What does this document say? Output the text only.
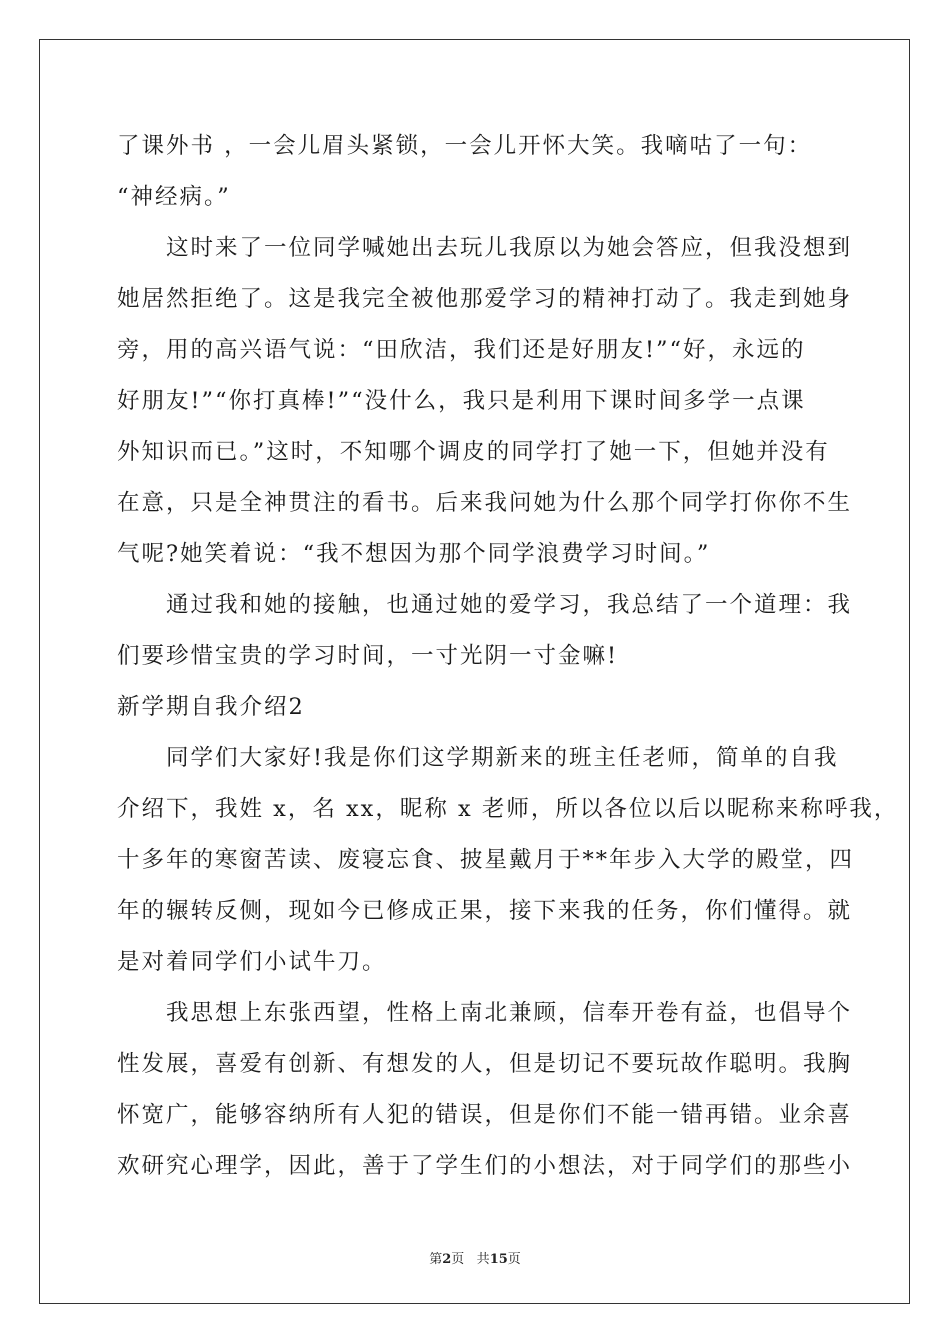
了课外书 ，一会儿眉头紧锁，一会儿开怀大笑。我嘀咕了一句：
“神经病。”
　　这时来了一位同学喊她出去玩儿我原以为她会答应，但我没想到
她居然拒绝了。这是我完全被他那爱学习的精神打动了。我走到她身
旁，用的高兴语气说：“田欣洁，我们还是好朋友!”“好，永远的
好朋友!”“你打真棒!”“没什么，我只是利用下课时间多学一点课
外知识而已。”这时，不知哪个调皮的同学打了她一下，但她并没有
在意，只是全神贯注的看书。后来我问她为什么那个同学打你你不生
气呢?她笑着说：“我不想因为那个同学浪费学习时间。”
　　通过我和她的接触，也通过她的爱学习，我总结了一个道理：我
们要珍惜宝贵的学习时间，一寸光阴一寸金嘛!
新学期自我介绍2
　　同学们大家好!我是你们这学期新来的班主任老师，简单的自我
介绍下，我姓 x，名 xx，昵称 x 老师，所以各位以后以昵称来称呼我，
十多年的寒窗苦读、废寝忘食、披星戴月于**年步入大学的殿堂，四
年的辗转反侧，现如今已修成正果，接下来我的任务，你们懂得。就
是对着同学们小试牛刀。
　　我思想上东张西望，性格上南北兼顾，信奉开卷有益，也倡导个
性发展，喜爱有创新、有想发的人，但是切记不要玩故作聪明。我胸
怀宽广，能够容纳所有人犯的错误，但是你们不能一错再错。业余喜
欢研究心理学，因此，善于了学生们的小想法，对于同学们的那些小
第2页 共15页
